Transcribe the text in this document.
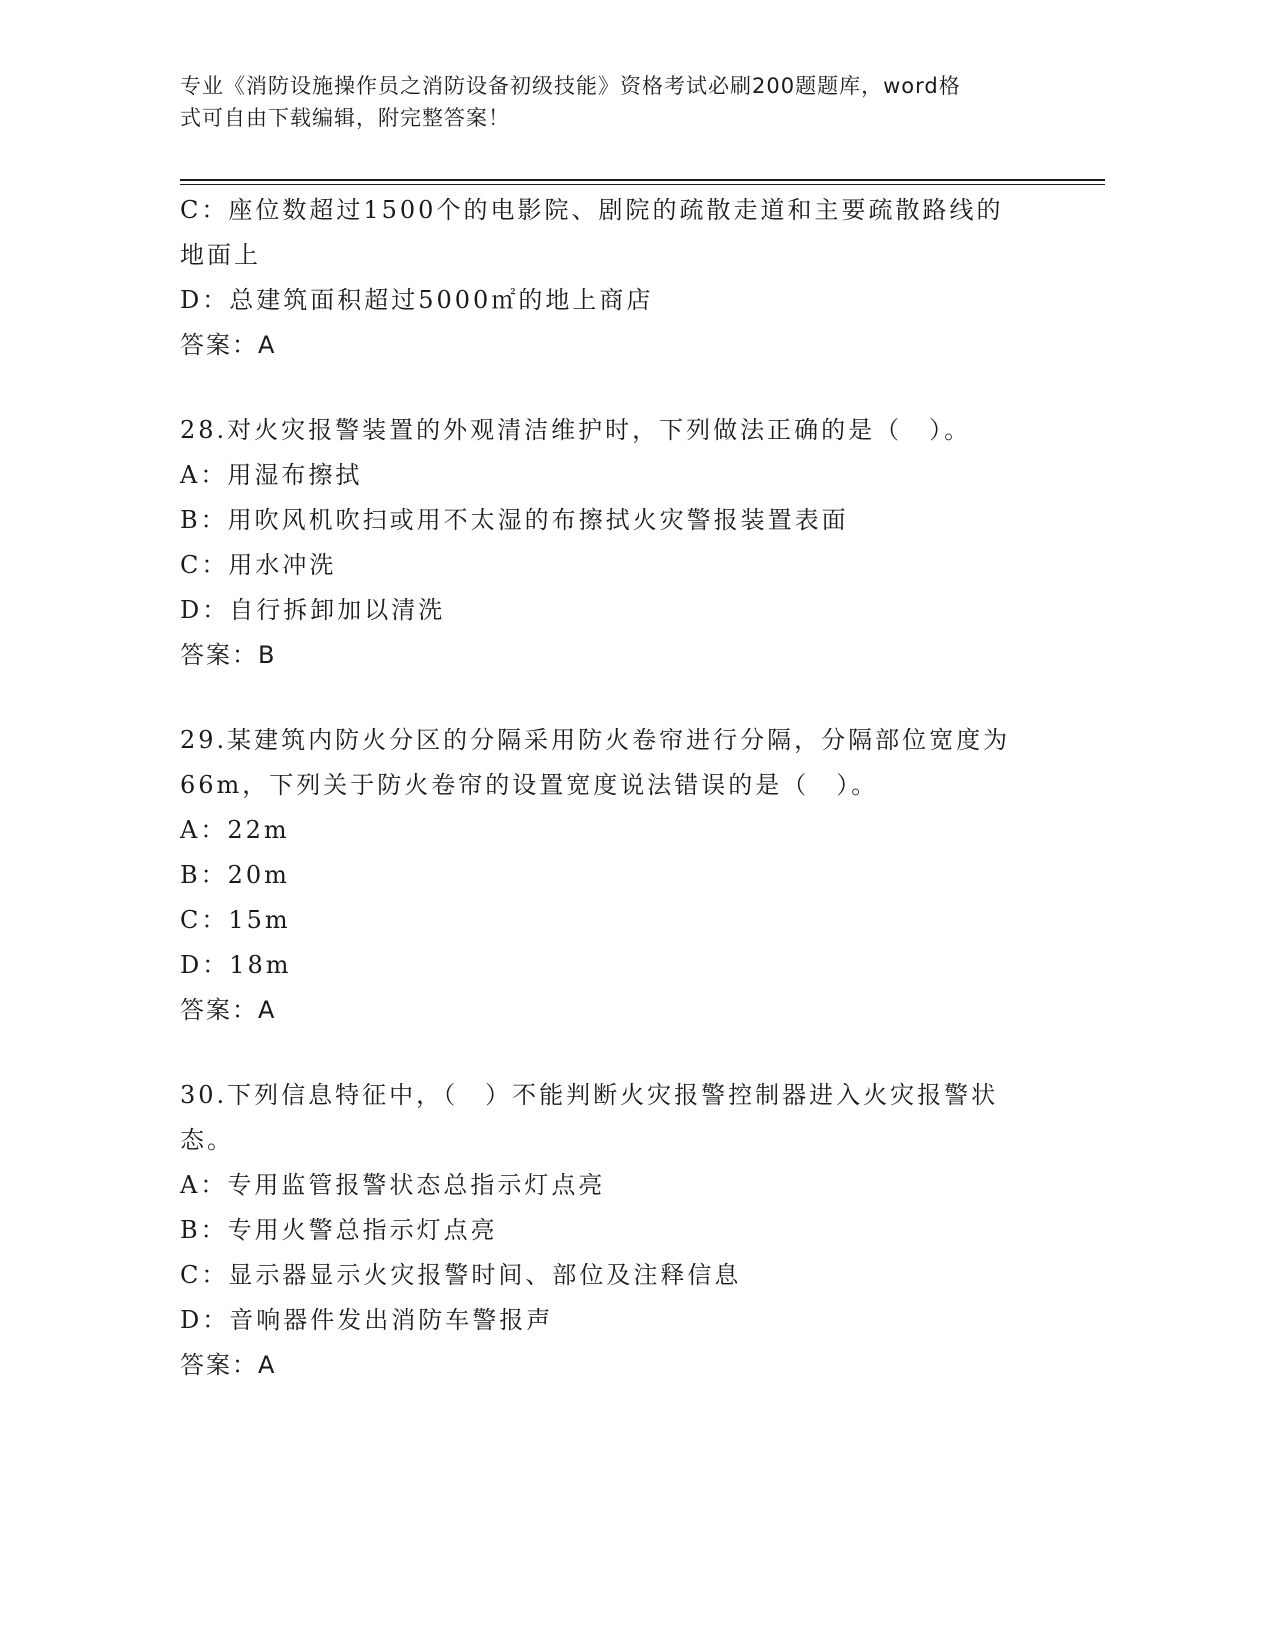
专业《消防设施操作员之消防设备初级技能》资格考试必刷200题题库，word格
式可自由下载编辑，附完整答案！
C：座位数超过1500个的电影院、剧院的疏散走道和主要疏散路线的
地面上
D：总建筑面积超过5000㎡的地上商店
答案：A
28.对火灾报警装置的外观清洁维护时，下列做法正确的是（　）。
A：用湿布擦拭
B：用吹风机吹扫或用不太湿的布擦拭火灾警报装置表面
C：用水冲洗
D：自行拆卸加以清洗
答案：B
29.某建筑内防火分区的分隔采用防火卷帘进行分隔，分隔部位宽度为
66m，下列关于防火卷帘的设置宽度说法错误的是（　）。
A：22m
B：20m
C：15m
D：18m
答案：A
30.下列信息特征中，（　）不能判断火灾报警控制器进入火灾报警状
态。
A：专用监管报警状态总指示灯点亮
B：专用火警总指示灯点亮
C：显示器显示火灾报警时间、部位及注释信息
D：音响器件发出消防车警报声
答案：A
